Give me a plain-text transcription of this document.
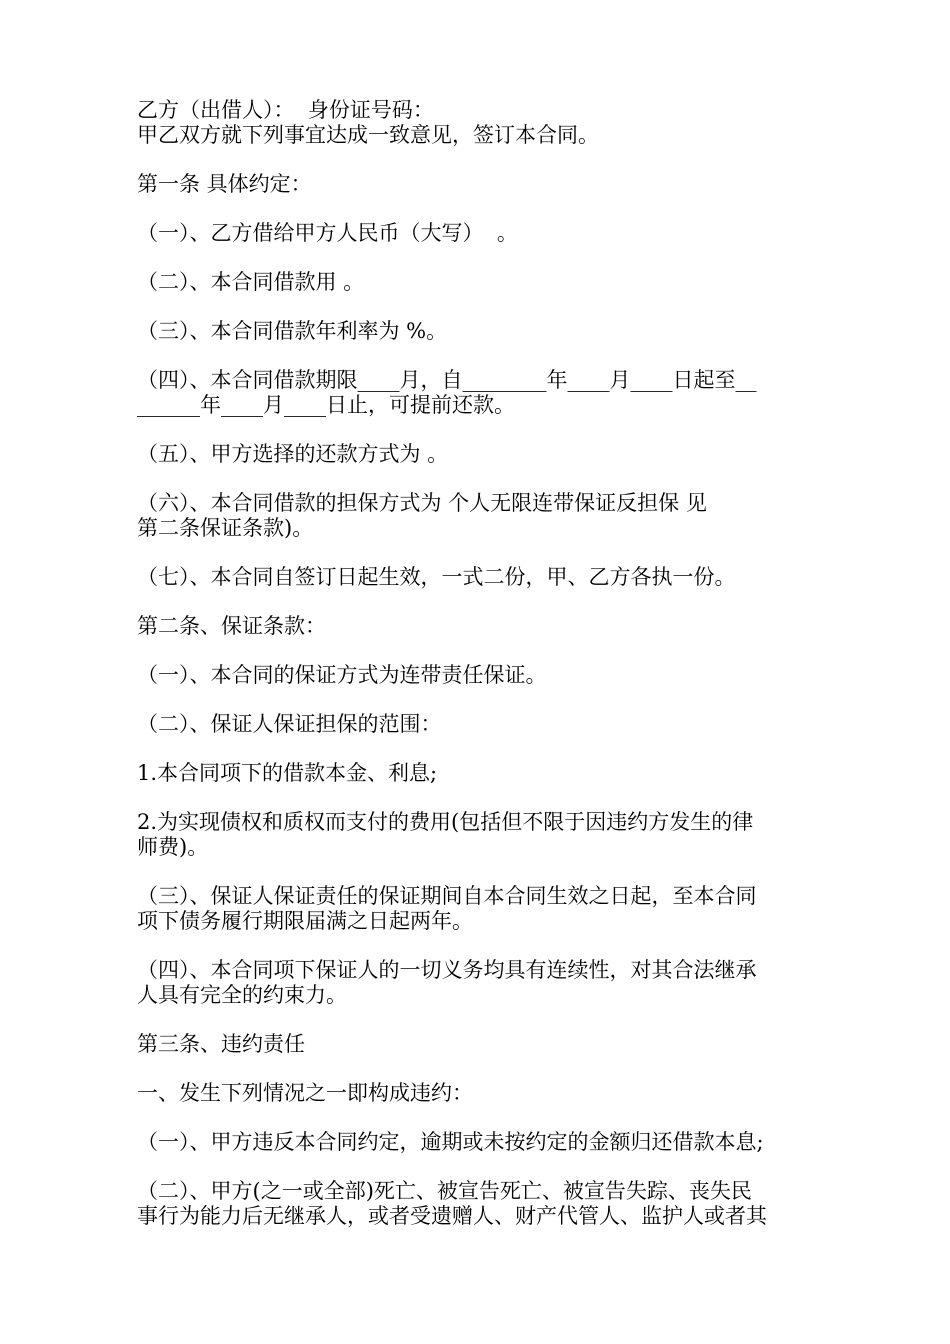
乙方（出借人）：  身份证号码：
甲乙双方就下列事宜达成一致意见，签订本合同。
第一条 具体约定：
（一）、乙方借给甲方人民币（大写）  。
（二）、本合同借款用 。
（三）、本合同借款年利率为 %。
（四）、本合同借款期限____月，自________年____月____日起至__
______年____月____日止，可提前还款。
（五）、甲方选择的还款方式为 。
（六）、本合同借款的担保方式为 个人无限连带保证反担保 见
第二条保证条款)。
（七）、本合同自签订日起生效，一式二份，甲、乙方各执一份。
第二条、保证条款：
（一）、本合同的保证方式为连带责任保证。
（二）、保证人保证担保的范围：
1.本合同项下的借款本金、利息;
2.为实现债权和质权而支付的费用(包括但不限于因违约方发生的律
师费)。
（三）、保证人保证责任的保证期间自本合同生效之日起，至本合同
项下债务履行期限届满之日起两年。
（四）、本合同项下保证人的一切义务均具有连续性，对其合法继承
人具有完全的约束力。
第三条、违约责任
一、发生下列情况之一即构成违约：
（一）、甲方违反本合同约定，逾期或未按约定的金额归还借款本息;
（二）、甲方(之一或全部)死亡、被宣告死亡、被宣告失踪、丧失民
事行为能力后无继承人，或者受遗赠人、财产代管人、监护人或者其
